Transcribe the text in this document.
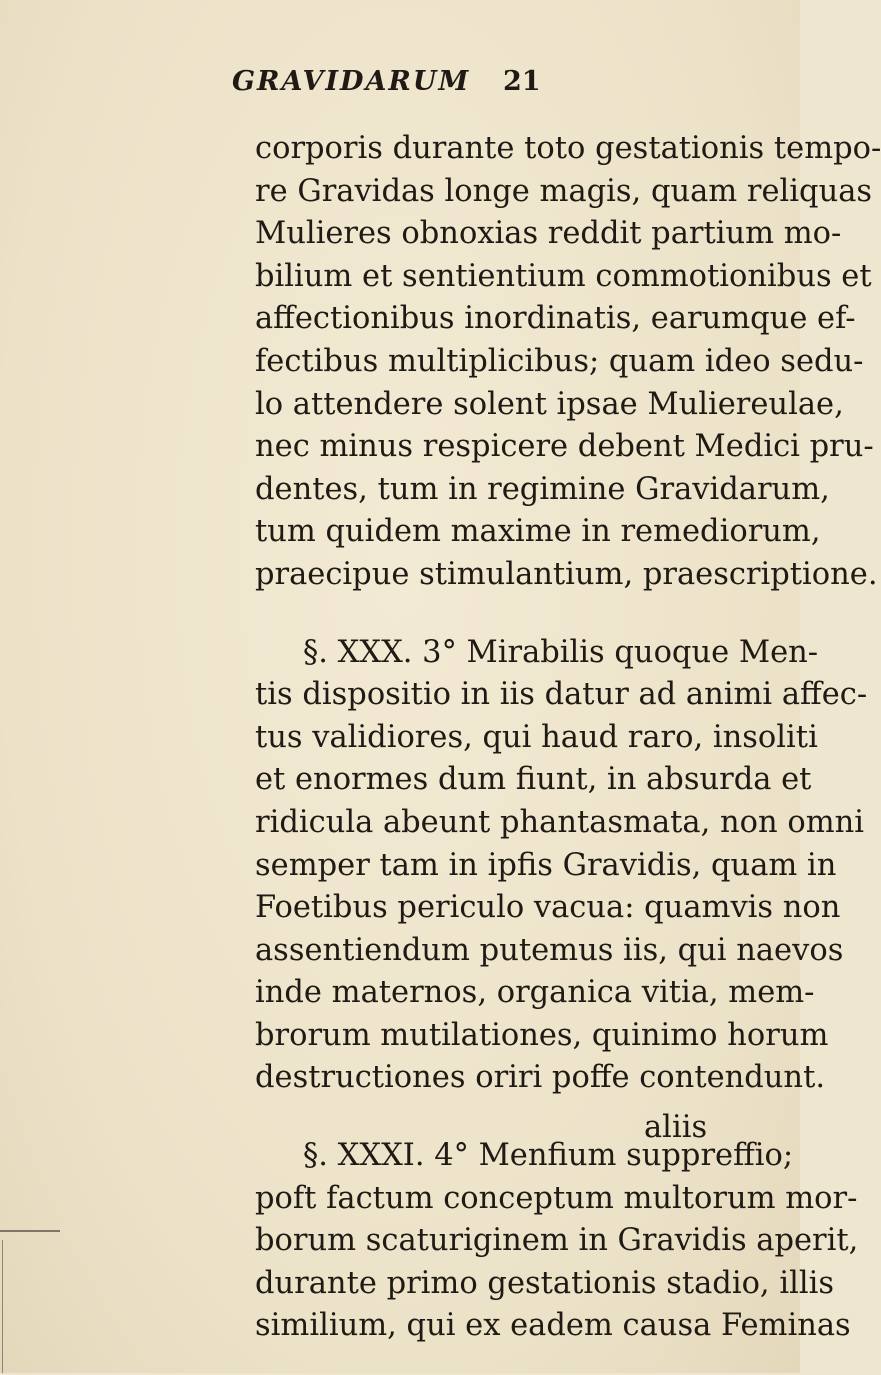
GRAVIDARUM 21
corporis durante toto gestationis tempo-
re Gravidas longe magis, quam reliquas
Mulieres obnoxias reddit partium mo-
bilium et sentientium commotionibus et
affectionibus inordinatis, earumque ef-
fectibus multiplicibus; quam ideo sedu-
lo attendere solent ipsae Muliereulae,
nec minus respicere debent Medici pru-
dentes, tum in regimine Gravidarum,
tum quidem maxime in remediorum,
praecipue stimulantium, praescriptione.
§. XXX. 3° Mirabilis quoque Men-
tis dispositio in iis datur ad animi affec-
tus validiores, qui haud raro, insoliti
et enormes dum fiunt, in absurda et
ridicula abeunt phantasmata, non omni
semper tam in ipfis Gravidis, quam in
Foetibus periculo vacua: quamvis non
assentiendum putemus iis, qui naevos
inde maternos, organica vitia, mem-
brorum mutilationes, quinimo horum
destructiones oriri poffe contendunt.
§. XXXI. 4° Menfium suppreffio;
poft factum conceptum multorum mor-
borum scaturiginem in Gravidis aperit,
durante primo gestationis stadio, illis
similium, qui ex eadem causa Feminas
aliis
